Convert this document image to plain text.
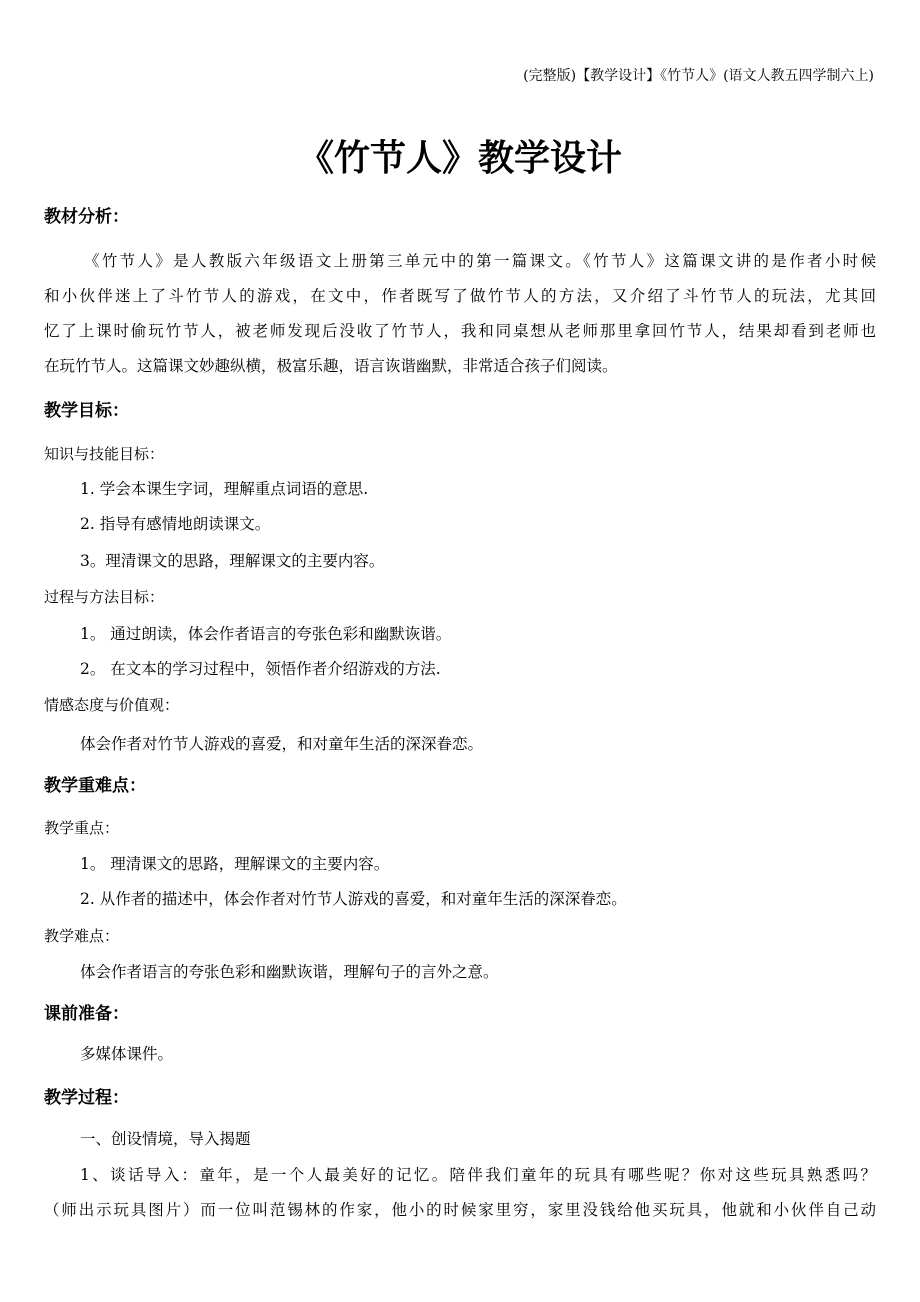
(完整版)【教学设计】《竹节人》(语文人教五四学制六上)
《竹节人》教学设计
教材分析：
《竹节人》是人教版六年级语文上册第三单元中的第一篇课文。《竹节人》这篇课文讲的是作者小时候
和小伙伴迷上了斗竹节人的游戏，在文中，作者既写了做竹节人的方法，又介绍了斗竹节人的玩法，尤其回
忆了上课时偷玩竹节人，被老师发现后没收了竹节人，我和同桌想从老师那里拿回竹节人，结果却看到老师也
在玩竹节人。这篇课文妙趣纵横，极富乐趣，语言诙谐幽默，非常适合孩子们阅读。
教学目标：
知识与技能目标：
1. 学会本课生字词，理解重点词语的意思.
2. 指导有感情地朗读课文。
3。理清课文的思路，理解课文的主要内容。
过程与方法目标：
1。 通过朗读，体会作者语言的夸张色彩和幽默诙谐。
2。 在文本的学习过程中，领悟作者介绍游戏的方法.
情感态度与价值观：
体会作者对竹节人游戏的喜爱，和对童年生活的深深眷恋。
教学重难点：
教学重点：
1。 理清课文的思路，理解课文的主要内容。
2. 从作者的描述中，体会作者对竹节人游戏的喜爱，和对童年生活的深深眷恋。
教学难点：
体会作者语言的夸张色彩和幽默诙谐，理解句子的言外之意。
课前准备：
多媒体课件。
教学过程：
一、创设情境，导入揭题
1、谈话导入：童年，是一个人最美好的记忆。陪伴我们童年的玩具有哪些呢？你对这些玩具熟悉吗？
（师出示玩具图片）而一位叫范锡林的作家，他小的时候家里穷，家里没钱给他买玩具，他就和小伙伴自己动
